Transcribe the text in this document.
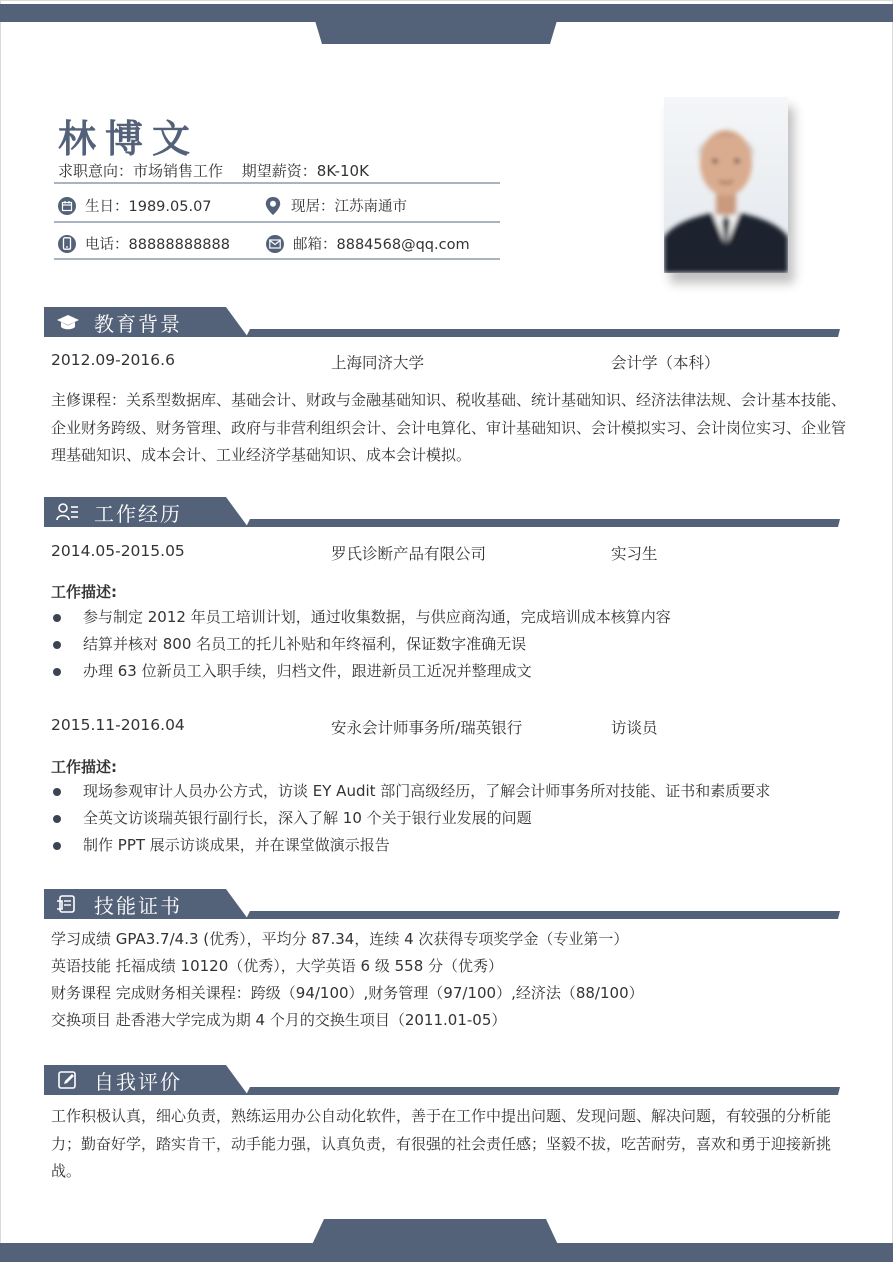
林博文
求职意向：市场销售工作 期望薪资：8K-10K
生日：1989.05.07	现居：江苏南通市
电话：88888888888	邮箱：8884568@qq.com
教育背景
2012.09-2016.6	上海同济大学	会计学（本科）
主修课程：关系型数据库、基础会计、财政与金融基础知识、税收基础、统计基础知识、经济法律法规、会计基本技能、企业财务跨级、财务管理、政府与非营利组织会计、会计电算化、审计基础知识、会计模拟实习、会计岗位实习、企业管理基础知识、成本会计、工业经济学基础知识、成本会计模拟。
工作经历
2014.05-2015.05	罗氏诊断产品有限公司	实习生
工作描述:
参与制定 2012 年员工培训计划，通过收集数据，与供应商沟通，完成培训成本核算内容
结算并核对 800 名员工的托儿补贴和年终福利，保证数字准确无误
办理 63 位新员工入职手续，归档文件，跟进新员工近况并整理成文
2015.11-2016.04	安永会计师事务所/瑞英银行	访谈员
工作描述:
现场参观审计人员办公方式，访谈 EY Audit 部门高级经历，了解会计师事务所对技能、证书和素质要求
全英文访谈瑞英银行副行长，深入了解 10 个关于银行业发展的问题
制作 PPT 展示访谈成果，并在课堂做演示报告
技能证书
学习成绩 GPA3.7/4.3 (优秀），平均分 87.34，连续 4 次获得专项奖学金（专业第一）
英语技能 托福成绩 10120（优秀），大学英语 6 级 558 分（优秀）
财务课程 完成财务相关课程：跨级（94/100）,财务管理（97/100）,经济法（88/100）
交换项目 赴香港大学完成为期 4 个月的交换生项目（2011.01-05）
自我评价
工作积极认真，细心负责，熟练运用办公自动化软件，善于在工作中提出问题、发现问题、解决问题，有较强的分析能力；勤奋好学，踏实肯干，动手能力强，认真负责，有很强的社会责任感；坚毅不拔，吃苦耐劳，喜欢和勇于迎接新挑战。
